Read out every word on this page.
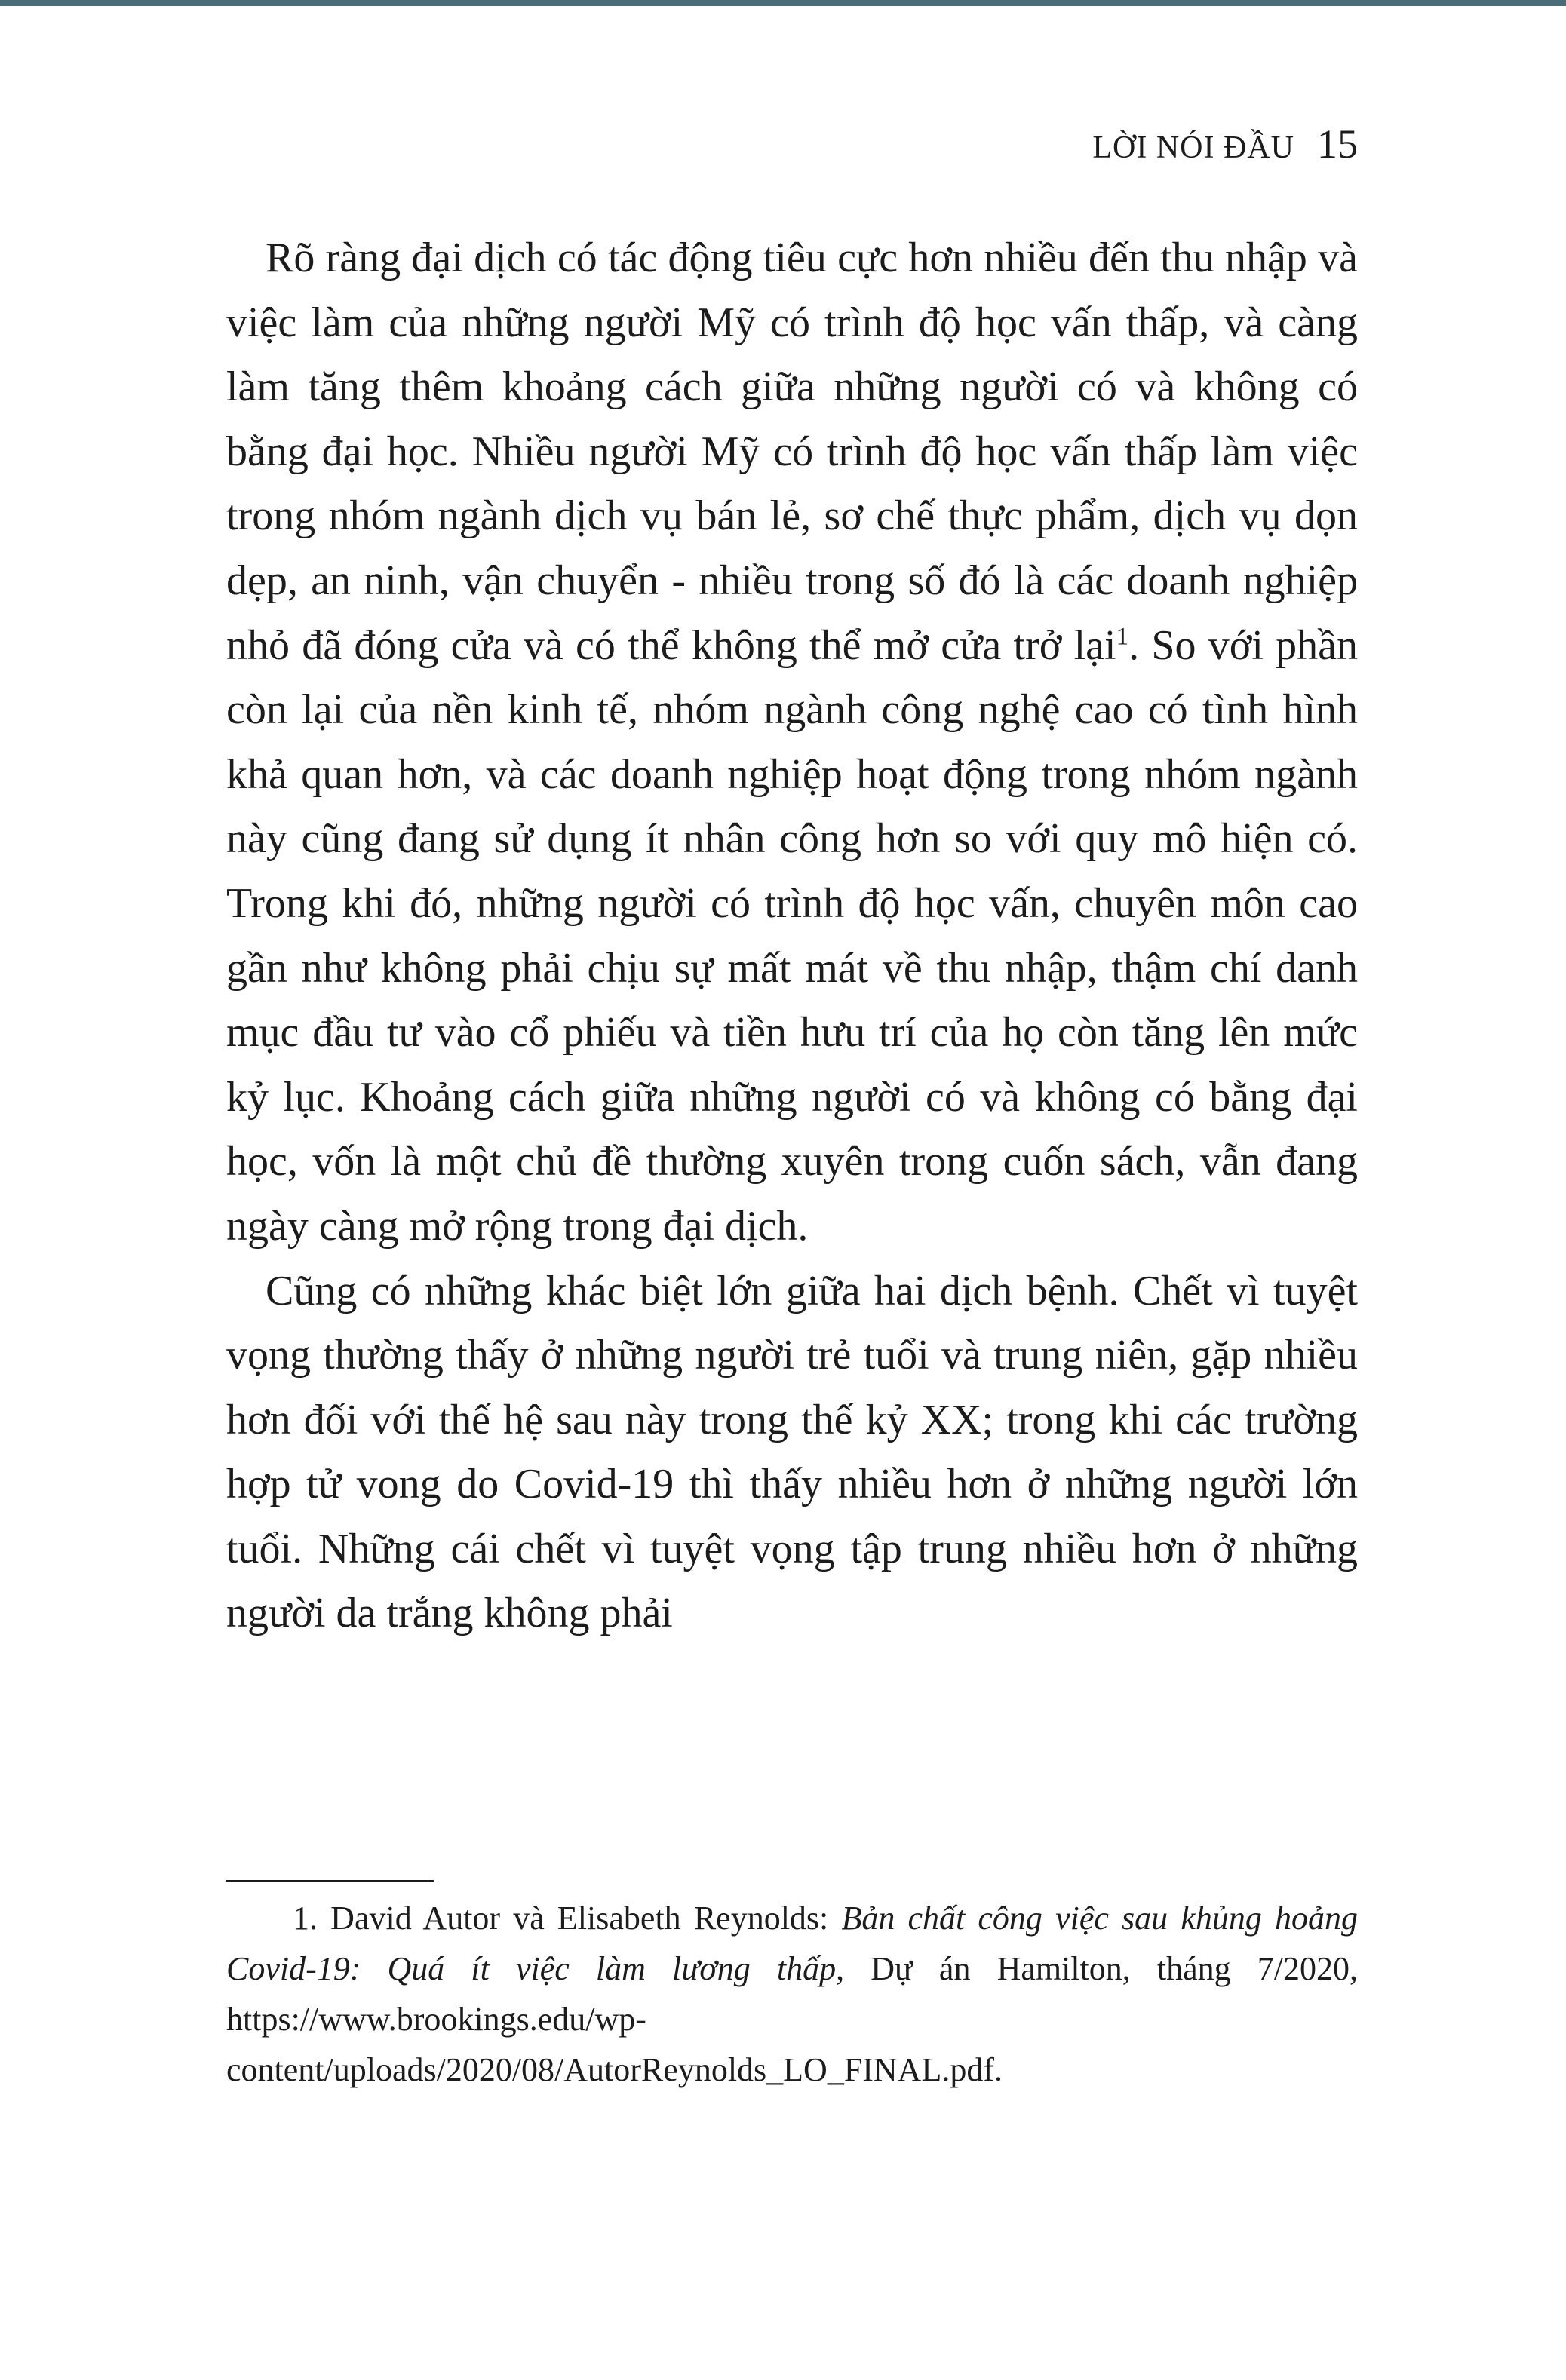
LỜI NÓI ĐẦU 15

Rõ ràng đại dịch có tác động tiêu cực hơn nhiều đến thu nhập và việc làm của những người Mỹ có trình độ học vấn thấp, và càng làm tăng thêm khoảng cách giữa những người có và không có bằng đại học. Nhiều người Mỹ có trình độ học vấn thấp làm việc trong nhóm ngành dịch vụ bán lẻ, sơ chế thực phẩm, dịch vụ dọn dẹp, an ninh, vận chuyển - nhiều trong số đó là các doanh nghiệp nhỏ đã đóng cửa và có thể không thể mở cửa trở lại$^1$. So với phần còn lại của nền kinh tế, nhóm ngành công nghệ cao có tình hình khả quan hơn, và các doanh nghiệp hoạt động trong nhóm ngành này cũng đang sử dụng ít nhân công hơn so với quy mô hiện có. Trong khi đó, những người có trình độ học vấn, chuyên môn cao gần như không phải chịu sự mất mát về thu nhập, thậm chí danh mục đầu tư vào cổ phiếu và tiền hưu trí của họ còn tăng lên mức kỷ lục. Khoảng cách giữa những người có và không có bằng đại học, vốn là một chủ đề thường xuyên trong cuốn sách, vẫn đang ngày càng mở rộng trong đại dịch.

Cũng có những khác biệt lớn giữa hai dịch bệnh. Chết vì tuyệt vọng thường thấy ở những người trẻ tuổi và trung niên, gặp nhiều hơn đối với thế hệ sau này trong thế kỷ XX; trong khi các trường hợp tử vong do Covid-19 thì thấy nhiều hơn ở những người lớn tuổi. Những cái chết vì tuyệt vọng tập trung nhiều hơn ở những người da trắng không phải

1. David Autor và Elisabeth Reynolds: Bản chất công việc sau khủng hoảng Covid-19: Quá ít việc làm lương thấp, Dự án Hamilton, tháng 7/2020, https://www.brookings.edu/wp-content/uploads/2020/08/AutorReynolds_LO_FINAL.pdf.
